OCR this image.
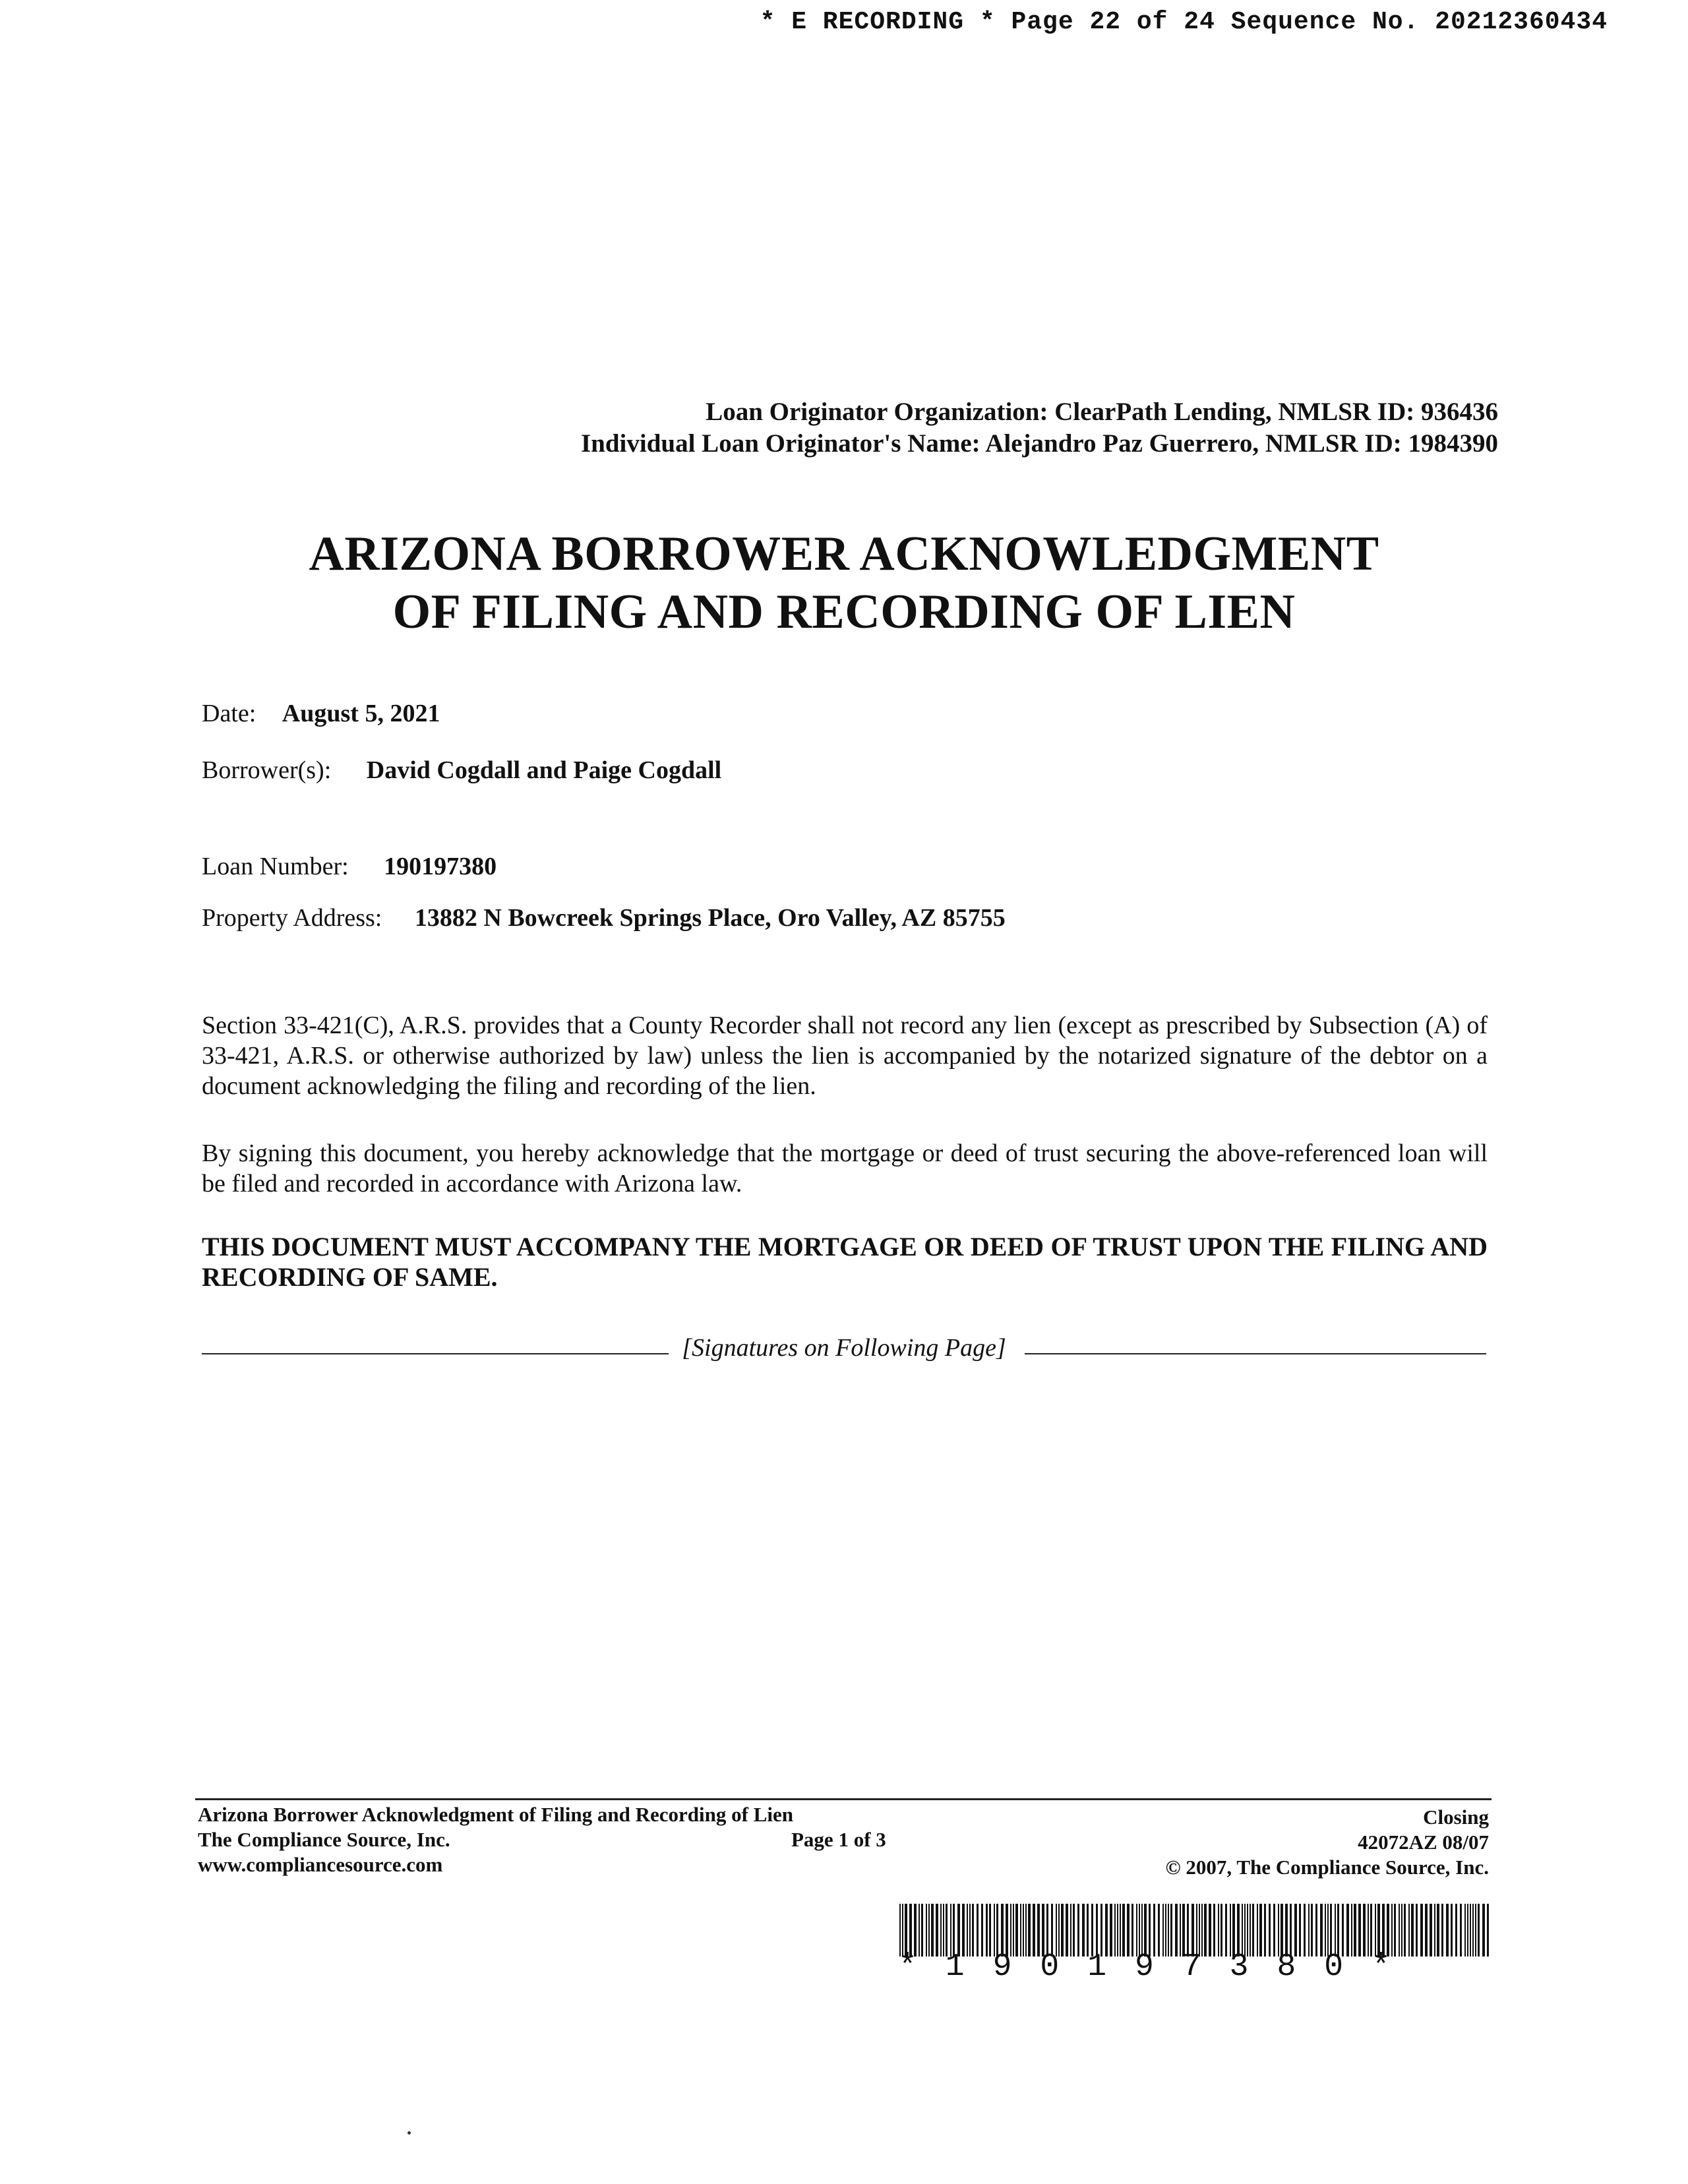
* E RECORDING * Page 22 of 24 Sequence No. 20212360434
Loan Originator Organization: ClearPath Lending, NMLSR ID: 936436
Individual Loan Originator's Name: Alejandro Paz Guerrero, NMLSR ID: 1984390
ARIZONA BORROWER ACKNOWLEDGMENT
OF FILING AND RECORDING OF LIEN
Date: August 5, 2021
Borrower(s): David Cogdall and Paige Cogdall
Loan Number: 190197380
Property Address: 13882 N Bowcreek Springs Place, Oro Valley, AZ 85755
Section 33-421(C), A.R.S. provides that a County Recorder shall not record any lien (except as prescribed by Subsection (A) of 33-421, A.R.S. or otherwise authorized by law) unless the lien is accompanied by the notarized signature of the debtor on a document acknowledging the filing and recording of the lien.
By signing this document, you hereby acknowledge that the mortgage or deed of trust securing the above-referenced loan will be filed and recorded in accordance with Arizona law.
THIS DOCUMENT MUST ACCOMPANY THE MORTGAGE OR DEED OF TRUST UPON THE FILING AND RECORDING OF SAME.
[Signatures on Following Page]
Arizona Borrower Acknowledgment of Filing and Recording of Lien
The Compliance Source, Inc.
www.compliancesource.com
Page 1 of 3
Closing
42072AZ 08/07
© 2007, The Compliance Source, Inc.
*190197380*
